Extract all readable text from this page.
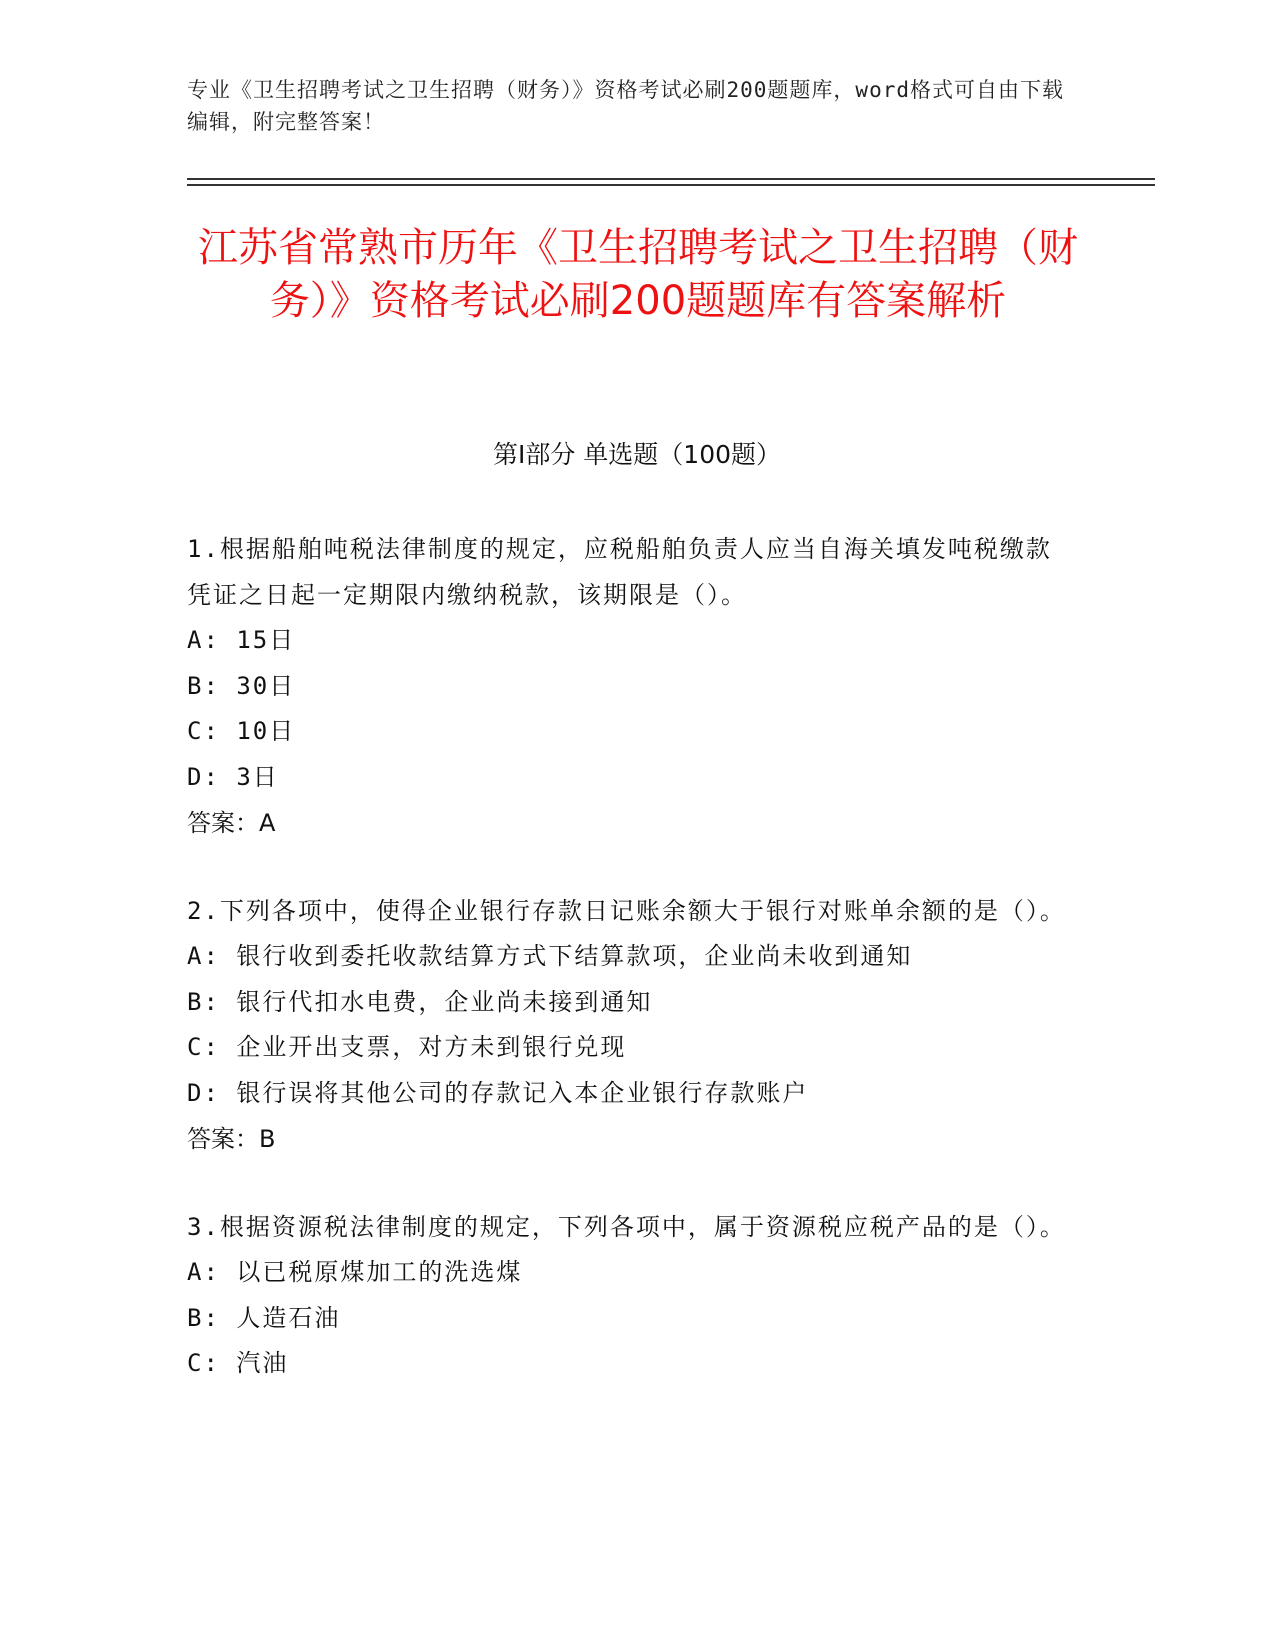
专业《卫生招聘考试之卫生招聘（财务）》资格考试必刷200题题库，word格式可自由下载编辑，附完整答案！
江苏省常熟市历年《卫生招聘考试之卫生招聘（财务）》资格考试必刷200题题库有答案解析
第I部分 单选题（100题）

1.根据船舶吨税法律制度的规定，应税船舶负责人应当自海关填发吨税缴款凭证之日起一定期限内缴纳税款，该期限是（）。

A: 15日

B: 30日

C: 10日

D: 3日

答案：A

2.下列各项中，使得企业银行存款日记账余额大于银行对账单余额的是（）。

A: 银行收到委托收款结算方式下结算款项，企业尚未收到通知

B: 银行代扣水电费，企业尚未接到通知

C: 企业开出支票，对方未到银行兑现

D: 银行误将其他公司的存款记入本企业银行存款账户

答案：B

3.根据资源税法律制度的规定，下列各项中，属于资源税应税产品的是（）。

A: 以已税原煤加工的洗选煤

B: 人造石油

C: 汽油
